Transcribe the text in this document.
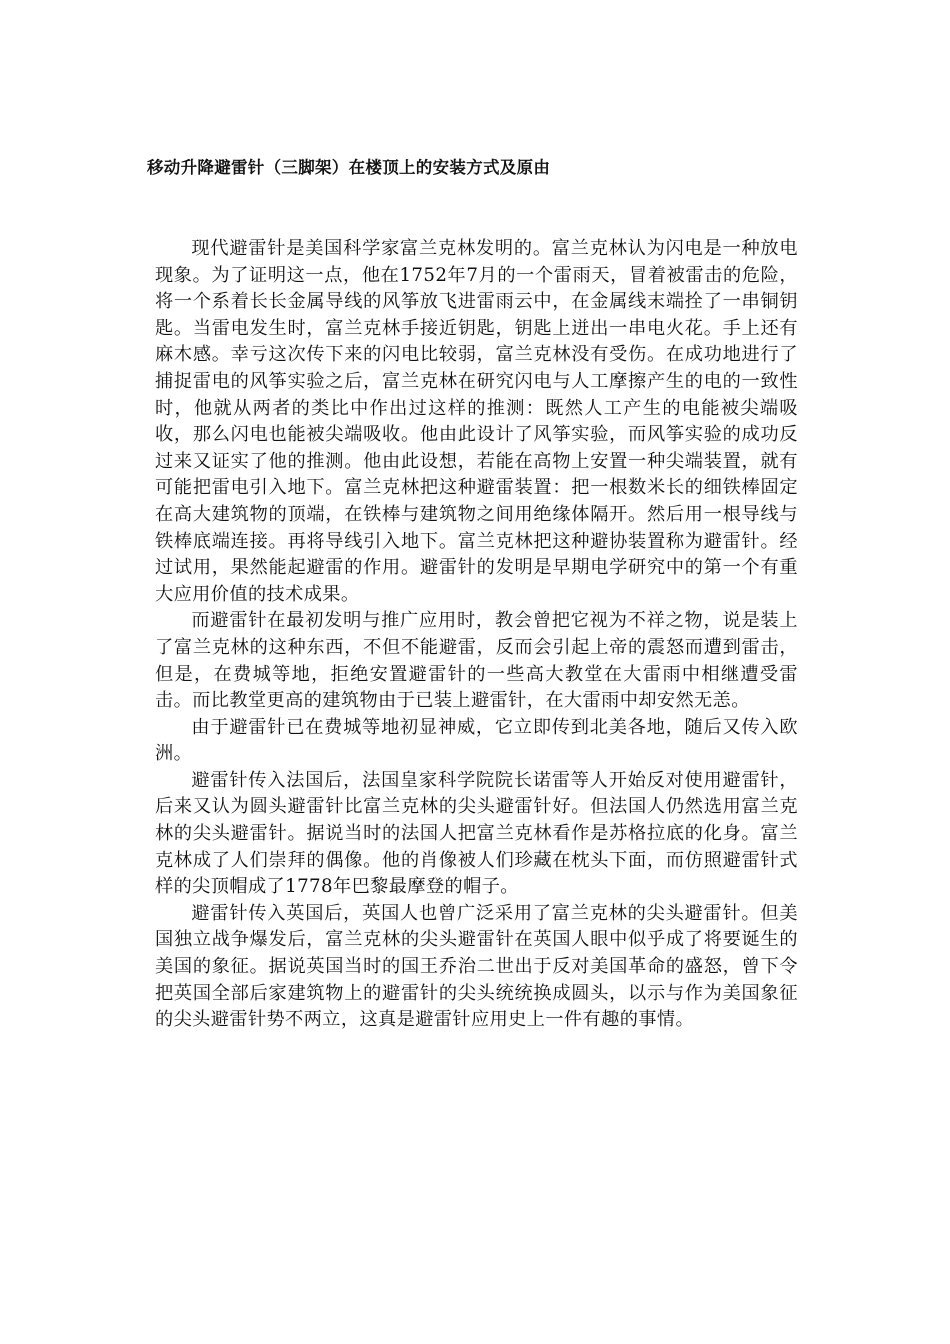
移动升降避雷针（三脚架）在楼顶上的安装方式及原由

现代避雷针是美国科学家富兰克林发明的。富兰克林认为闪电是一种放电现象。为了证明这一点，他在1752年7月的一个雷雨天，冒着被雷击的危险，将一个系着长长金属导线的风筝放飞进雷雨云中，在金属线末端拴了一串铜钥匙。当雷电发生时，富兰克林手接近钥匙，钥匙上迸出一串电火花。手上还有麻木感。幸亏这次传下来的闪电比较弱，富兰克林没有受伤。在成功地进行了捕捉雷电的风筝实验之后，富兰克林在研究闪电与人工摩擦产生的电的一致性时，他就从两者的类比中作出过这样的推测：既然人工产生的电能被尖端吸收，那么闪电也能被尖端吸收。他由此设计了风筝实验，而风筝实验的成功反过来又证实了他的推测。他由此设想，若能在高物上安置一种尖端装置，就有可能把雷电引入地下。富兰克林把这种避雷装置：把一根数米长的细铁棒固定在高大建筑物的顶端，在铁棒与建筑物之间用绝缘体隔开。然后用一根导线与铁棒底端连接。再将导线引入地下。富兰克林把这种避协装置称为避雷针。经过试用，果然能起避雷的作用。避雷针的发明是早期电学研究中的第一个有重大应用价值的技术成果。

而避雷针在最初发明与推广应用时，教会曾把它视为不祥之物，说是装上了富兰克林的这种东西，不但不能避雷，反而会引起上帝的震怒而遭到雷击，但是，在费城等地，拒绝安置避雷针的一些高大教堂在大雷雨中相继遭受雷击。而比教堂更高的建筑物由于已装上避雷针，在大雷雨中却安然无恙。

由于避雷针已在费城等地初显神威，它立即传到北美各地，随后又传入欧洲。

避雷针传入法国后，法国皇家科学院院长诺雷等人开始反对使用避雷针，后来又认为圆头避雷针比富兰克林的尖头避雷针好。但法国人仍然选用富兰克林的尖头避雷针。据说当时的法国人把富兰克林看作是苏格拉底的化身。富兰克林成了人们崇拜的偶像。他的肖像被人们珍藏在枕头下面，而仿照避雷针式样的尖顶帽成了1778年巴黎最摩登的帽子。

避雷针传入英国后，英国人也曾广泛采用了富兰克林的尖头避雷针。但美国独立战争爆发后，富兰克林的尖头避雷针在英国人眼中似乎成了将要诞生的美国的象征。据说英国当时的国王乔治二世出于反对美国革命的盛怒，曾下令把英国全部后家建筑物上的避雷针的尖头统统换成圆头，以示与作为美国象征的尖头避雷针势不两立，这真是避雷针应用史上一件有趣的事情。
